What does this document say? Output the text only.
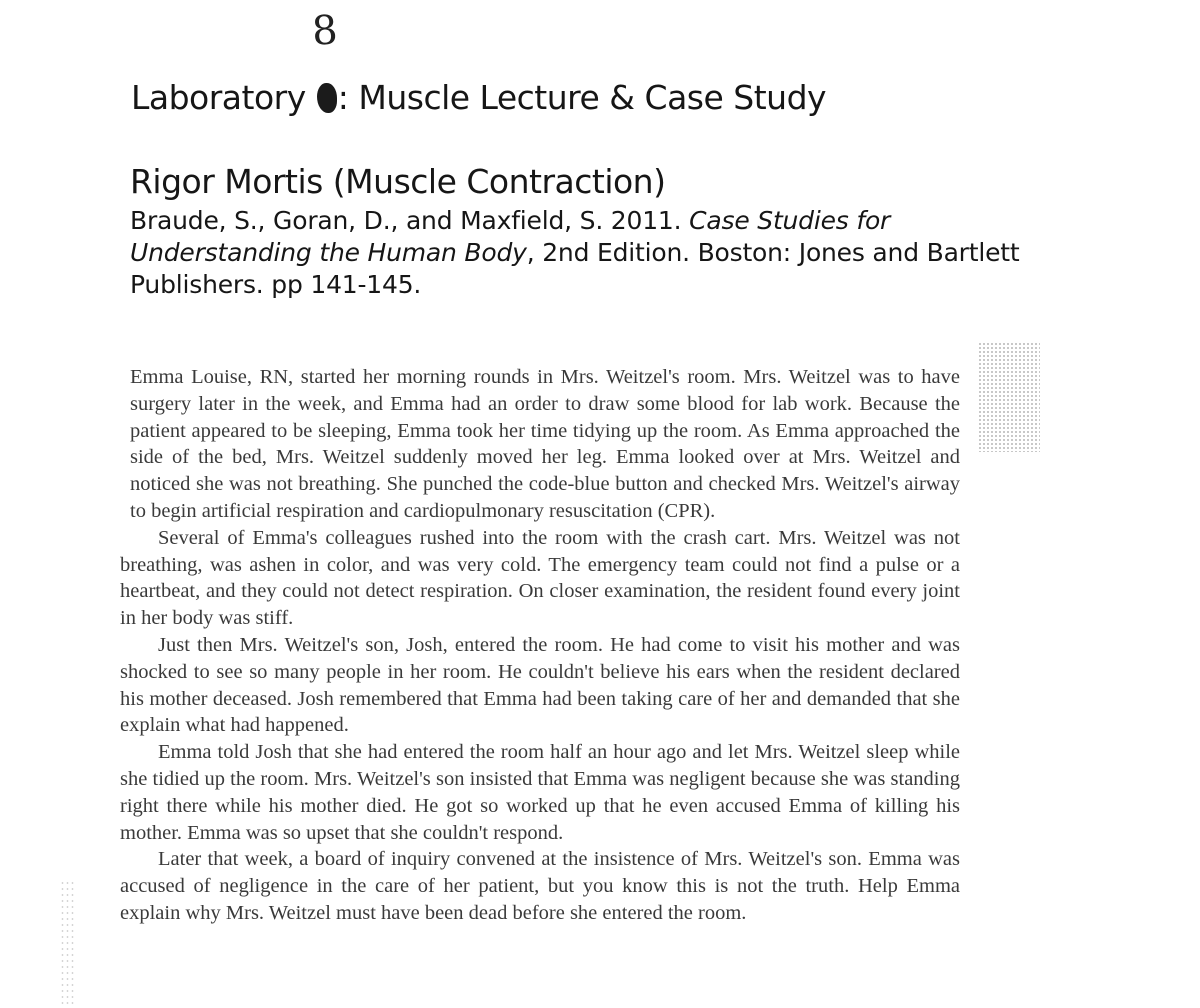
8
Laboratory : Muscle Lecture & Case Study
Rigor Mortis (Muscle Contraction)
Braude, S., Goran, D., and Maxfield, S. 2011. Case Studies for Understanding the Human Body, 2nd Edition. Boston: Jones and Bartlett Publishers. pp 141-145.

Emma Louise, RN, started her morning rounds in Mrs. Weitzel's room. Mrs. Weitzel was to have surgery later in the week, and Emma had an order to draw some blood for lab work. Because the patient appeared to be sleeping, Emma took her time tidying up the room. As Emma approached the side of the bed, Mrs. Weitzel suddenly moved her leg. Emma looked over at Mrs. Weitzel and noticed she was not breathing. She punched the code-blue button and checked Mrs. Weitzel's airway to begin artificial respiration and cardiopulmonary resuscitation (CPR).

Several of Emma's colleagues rushed into the room with the crash cart. Mrs. Weitzel was not breathing, was ashen in color, and was very cold. The emergency team could not find a pulse or a heartbeat, and they could not detect respiration. On closer examination, the resident found every joint in her body was stiff.

Just then Mrs. Weitzel's son, Josh, entered the room. He had come to visit his mother and was shocked to see so many people in her room. He couldn't believe his ears when the resident declared his mother deceased. Josh remembered that Emma had been taking care of her and demanded that she explain what had happened.

Emma told Josh that she had entered the room half an hour ago and let Mrs. Weitzel sleep while she tidied up the room. Mrs. Weitzel's son insisted that Emma was negligent because she was standing right there while his mother died. He got so worked up that he even accused Emma of killing his mother. Emma was so upset that she couldn't respond.

Later that week, a board of inquiry convened at the insistence of Mrs. Weitzel's son. Emma was accused of negligence in the care of her patient, but you know this is not the truth. Help Emma explain why Mrs. Weitzel must have been dead before she entered the room.
